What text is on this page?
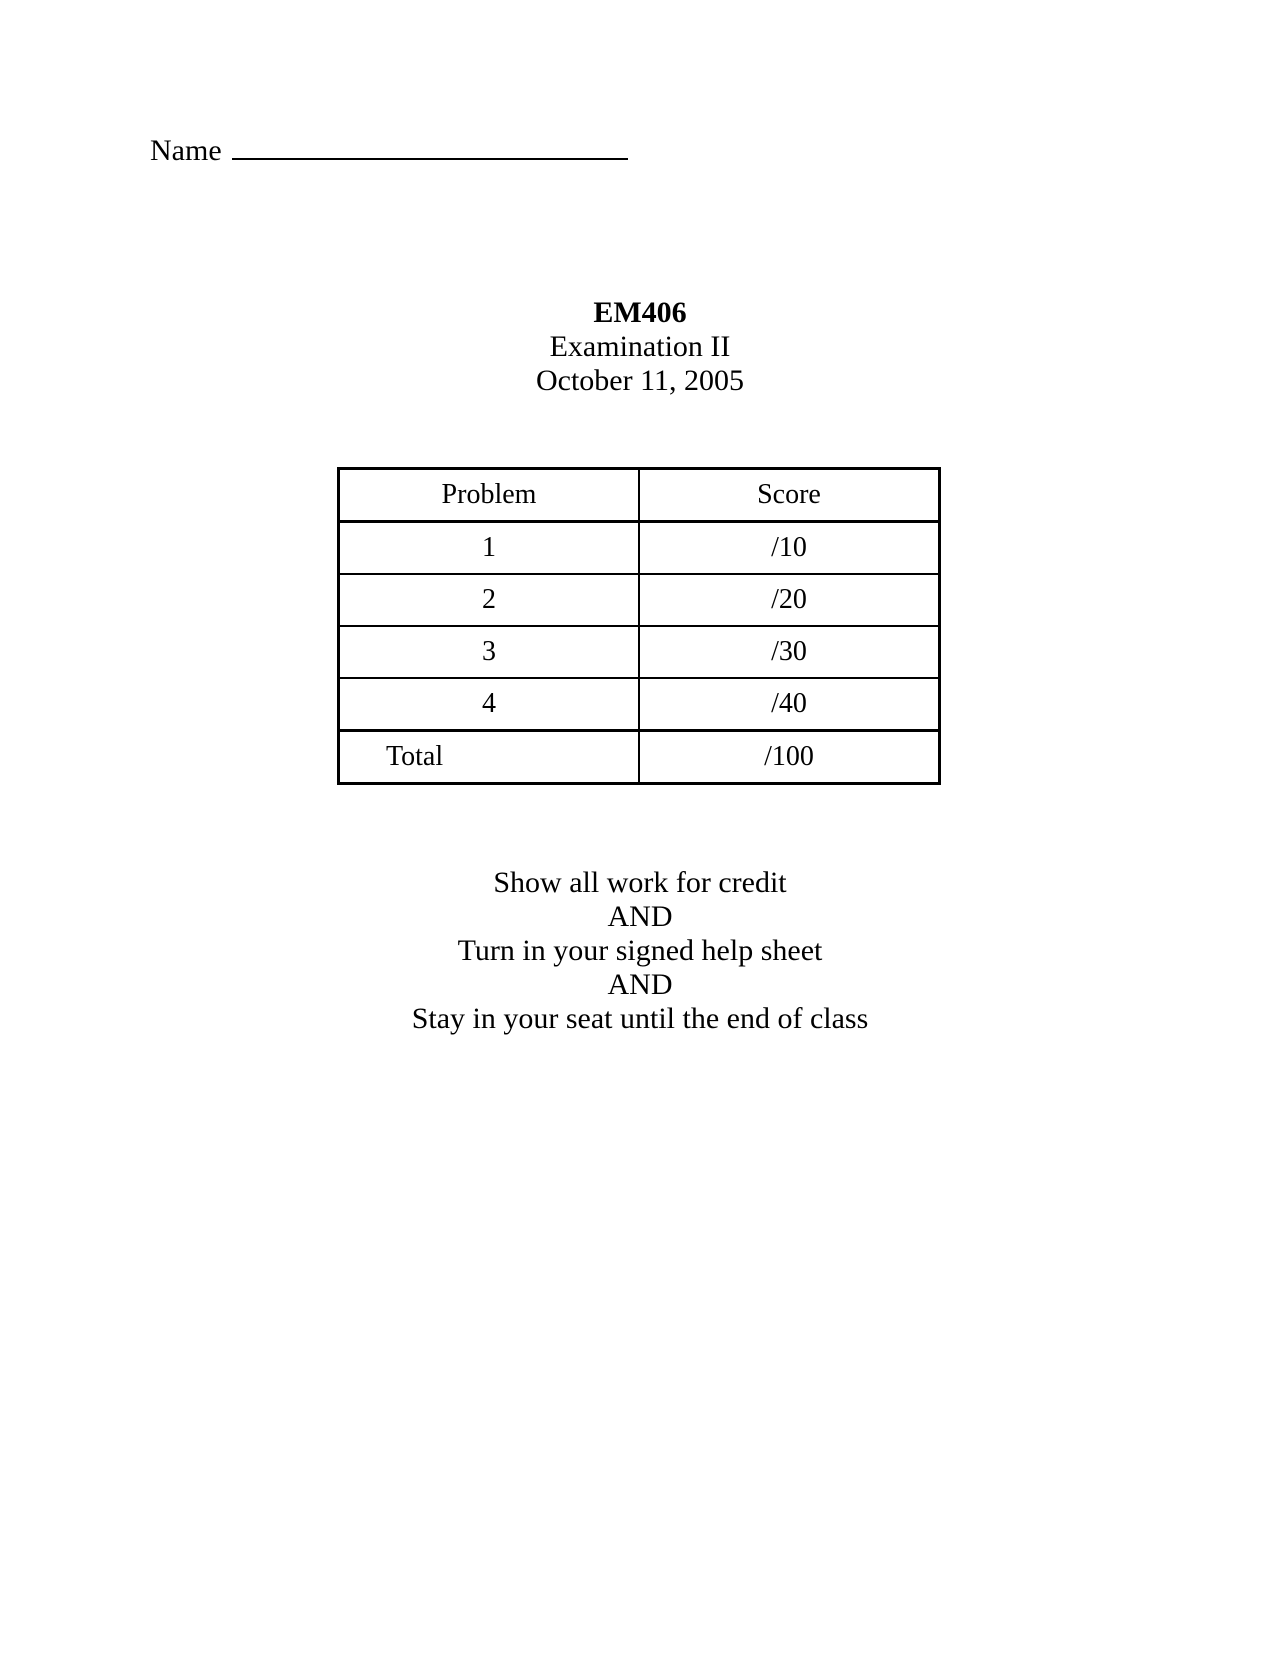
Name
EM406
Examination II
October 11, 2005
Problem	Score
1	/10
2	/20
3	/30
4	/40
Total	/100
Show all work for credit
AND
Turn in your signed help sheet
AND
Stay in your seat until the end of class
